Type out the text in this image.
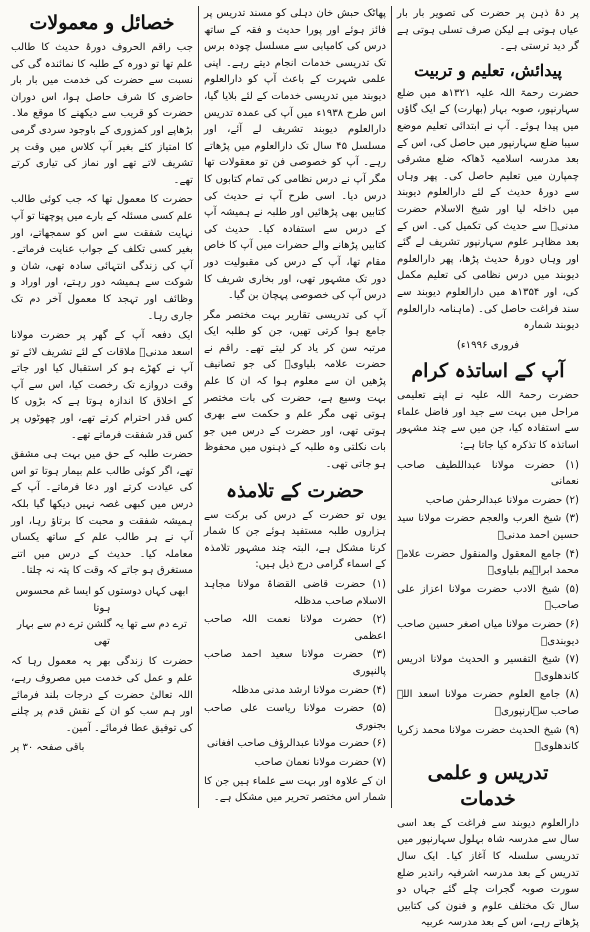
پر دۂ ذہن پر حضرت کی تصویر بار بار عیاں ہوتی ہے لیکن صرف تسلی ہوتی ہے گر دید ترستی ہے۔

پیدائش، تعلیم و تربیت

حضرت رحمۃ اللہ علیہ ۱۳۲۱ھ میں ضلع سہارنپور، صوبہ بہار (بھارت) کے ایک گاؤں میں پیدا ہوئے۔ آپ نے ابتدائی تعلیم موضع سیبا ضلع سہارنپور میں حاصل کی، اس کے بعد مدرسہ اسلامیہ ڈھاکہ ضلع مشرقی چمپارن میں تعلیم حاصل کی۔ پھر وہاں سے دورۂ حدیث کے لئے دارالعلوم دیوبند میں داخلہ لیا اور شیخ الاسلام حضرت مدنیؒ سے حدیث کی تکمیل کی۔ اس کے بعد مظاہر علوم سہارنپور تشریف لے گئے اور وہاں دورۂ حدیث پڑھا، پھر دارالعلوم دیوبند میں درس نظامی کی تعلیم مکمل کی، اور ۱۳۵۴ھ میں دارالعلوم دیوبند سے سند فراغت حاصل کی۔ (ماہنامہ دارالعلوم دیوبند شمارہ

فروری ۱۹۹۶ء)

آپ کے اساتذہ کرام

حضرت رحمۃ اللہ علیہ نے اپنے تعلیمی مراحل میں بہت سے جید اور فاضل علماء سے استفادہ کیا، جن میں سے چند مشہور اساتذہ کا تذکرہ کیا جاتا ہے:

(۱) حضرت مولانا عبداللطیف صاحب نعمانی

(۲) حضرت مولانا عبدالرحمٰن صاحب

(۳) شیخ العرب والعجم حضرت مولانا سید حسین احمد مدنیؒ

(۴) جامع المعقول والمنقول حضرت علامہ محمد ابراہیم بلیاویؒ

(۵) شیخ الادب حضرت مولانا اعزاز علی صاحبؒ

(۶) حضرت مولانا میاں اصغر حسین صاحب دیوبندیؒ

(۷) شیخ التفسیر و الحدیث مولانا ادریس کاندھلویؒ

(۸) جامع العلوم حضرت مولانا اسعد اللہ صاحب سہارنپوریؒ

(۹) شیخ الحدیث حضرت مولانا محمد زکریا کاندھلویؒ

تدریس و علمی خدمات

دارالعلوم دیوبند سے فراغت کے بعد اسی سال سے مدرسہ شاہ بہلول سہارنپور میں تدریسی سلسلہ کا آغاز کیا۔ ایک سال تدریس کے بعد مدرسہ اشرفیہ راندیر ضلع سورت صوبہ گجرات چلے گئے جہاں دو سال تک مختلف علوم و فنون کی کتابیں پڑھاتے رہے، اس کے بعد مدرسہ عربیہ

پھاٹک حبش خان دہلی کو مسند تدریس پر فائز ہوئے اور پورا حدیث و فقہ کے ساتھ درس کی کامیابی سے مسلسل چودہ برس تک تدریسی خدمات انجام دیتے رہے۔ اپنی علمی شہرت کے باعث آپ کو دارالعلوم دیوبند میں تدریسی خدمات کے لئے بلایا گیا، اس طرح ۱۹۳۸ء میں آپ کی عمدہ تدریس دارالعلوم دیوبند تشریف لے آئے، اور مسلسل ۴۵ سال تک دارالعلوم میں پڑھاتے رہے۔ آپ کو خصوصی فن تو معقولات تھا مگر آپ نے درس نظامی کی تمام کتابوں کا درس دیا۔ اسی طرح آپ نے حدیث کی کتابیں بھی پڑھائیں اور طلبہ نے ہمیشہ آپ کے درس سے استفادہ کیا۔ حدیث کی کتابیں پڑھانے والے حضرات میں آپ کا خاص مقام تھا، آپ کے درس کی مقبولیت دور دور تک مشہور تھی، اور بخاری شریف کا درس آپ کی خصوصی پہچان بن گیا۔

آپ کی تدریسی تقاریر بہت مختصر مگر جامع ہوا کرتی تھیں، جن کو طلبہ ایک مرتبہ سن کر یاد کر لیتے تھے۔ راقم نے حضرت علامہ بلیاویؒ کی جو تصانیف پڑھیں ان سے معلوم ہوا کہ ان کا علم بہت وسیع ہے، حضرت کی بات مختصر ہوتی تھی مگر علم و حکمت سے بھری ہوتی تھی، اور حضرت کے درس میں جو بات نکلتی وہ طلبہ کے ذہنوں میں محفوظ ہو جاتی تھی۔

حضرت کے تلامذہ

یوں تو حضرت کے درس کی برکت سے ہزاروں طلبہ مستفید ہوئے جن کا شمار کرنا مشکل ہے، البتہ چند مشہور تلامذہ کے اسماء گرامی درج ذیل ہیں:

(۱) حضرت قاضی القضاۃ مولانا مجاہد الاسلام صاحب مدظلہ

(۲) حضرت مولانا نعمت اللہ صاحب اعظمی

(۳) حضرت مولانا سعید احمد صاحب پالنپوری

(۴) حضرت مولانا ارشد مدنی مدظلہ

(۵) حضرت مولانا ریاست علی صاحب بجنوری

(۶) حضرت مولانا عبدالرؤف صاحب افغانی

(۷) حضرت مولانا نعمان صاحب

ان کے علاوہ اور بہت سے علماء ہیں جن کا شمار اس مختصر تحریر میں مشکل ہے۔

خصائل و معمولات

جب راقم الحروف دورۂ حدیث کا طالب علم تھا تو دورہ کے طلبہ کا نمائندہ گی کی نسبت سے حضرت کی خدمت میں بار بار حاضری کا شرف حاصل ہوا، اس دوران حضرت کو قریب سے دیکھنے کا موقع ملا۔ بڑھاپے اور کمزوری کے باوجود سردی گرمی کا امتیاز کئے بغیر آپ کلاس میں وقت پر تشریف لاتے تھے اور نماز کی تیاری کرتے تھے۔

حضرت کا معمول تھا کہ جب کوئی طالب علم کسی مسئلہ کے بارے میں پوچھتا تو آپ نہایت شفقت سے اس کو سمجھاتے، اور بغیر کسی تکلف کے جواب عنایت فرماتے۔ آپ کی زندگی انتہائی سادہ تھی، شان و شوکت سے ہمیشہ دور رہتے، اور اوراد و وظائف اور تہجد کا معمول آخر دم تک جاری رہا۔

ایک دفعہ آپ کے گھر پر حضرت مولانا اسعد مدنیؒ ملاقات کے لئے تشریف لائے تو آپ نے کھڑے ہو کر استقبال کیا اور جاتے وقت دروازے تک رخصت کیا، اس سے آپ کے اخلاق کا اندازہ ہوتا ہے کہ بڑوں کا کس قدر احترام کرتے تھے، اور چھوٹوں پر کس قدر شفقت فرماتے تھے۔

حضرت طلبہ کے حق میں بہت ہی مشفق تھے، اگر کوئی طالب علم بیمار ہوتا تو اس کی عیادت کرتے اور دعا فرماتے۔ آپ کے درس میں کبھی غصہ نہیں دیکھا گیا بلکہ ہمیشہ شفقت و محبت کا برتاؤ رہا، اور آپ نے ہر طالب علم کے ساتھ یکساں معاملہ کیا۔ حدیث کے درس میں اتنے مستغرق ہو جاتے کہ وقت کا پتہ نہ چلتا۔

ابھی کہاں دوستوں کو ایسا غم محسوس ہوتا
ترے دم سے تھا یہ گلشن ترے دم سے بہار تھی

حضرت کا زندگی بھر یہ معمول رہا کہ علم و عمل کی خدمت میں مصروف رہے، اللہ تعالیٰ حضرت کے درجات بلند فرمائے اور ہم سب کو ان کے نقش قدم پر چلنے کی توفیق عطا فرمائے۔ آمین۔

باقی صفحہ ۳۰ پر
